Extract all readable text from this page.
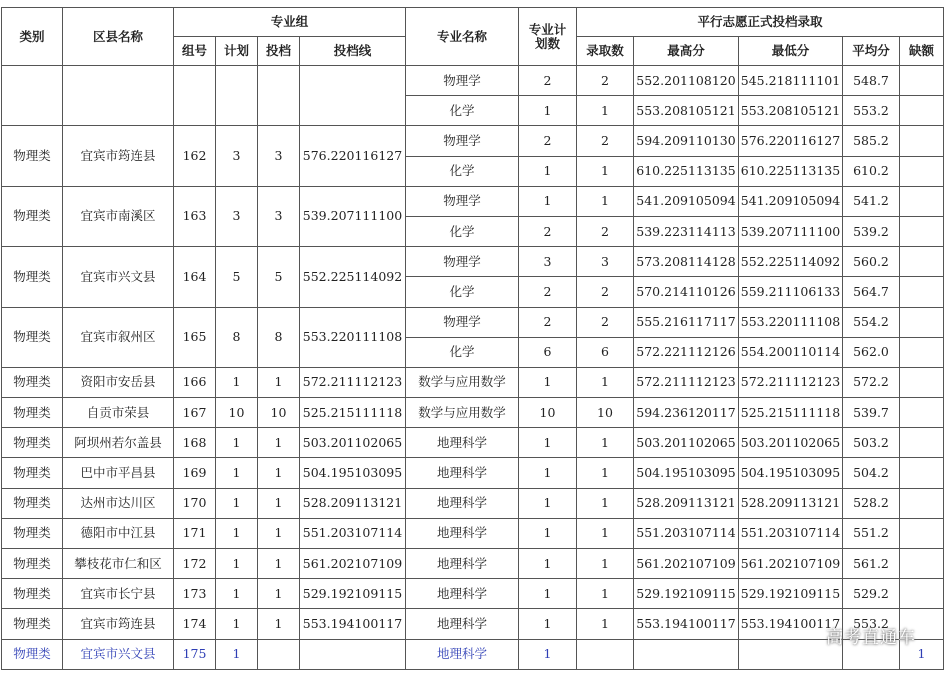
类别	区县名称	专业组				专业名称	专业计划数	平行志愿正式投档录取				
		组号	计划	投档	投档线			录取数	最高分	最低分	平均分	缺额
						物理学	2	2	552.201108120	545.218111101	548.7	
						化学	1	1	553.208105121	553.208105121	553.2	
物理类	宜宾市筠连县	162	3	3	576.220116127	物理学	2	2	594.209110130	576.220116127	585.2	
						化学	1	1	610.225113135	610.225113135	610.2	
物理类	宜宾市南溪区	163	3	3	539.207111100	物理学	1	1	541.209105094	541.209105094	541.2	
						化学	2	2	539.223114113	539.207111100	539.2	
物理类	宜宾市兴文县	164	5	5	552.225114092	物理学	3	3	573.208114128	552.225114092	560.2	
						化学	2	2	570.214110126	559.211106133	564.7	
物理类	宜宾市叙州区	165	8	8	553.220111108	物理学	2	2	555.216117117	553.220111108	554.2	
						化学	6	6	572.221112126	554.200110114	562.0	
物理类	资阳市安岳县	166	1	1	572.211112123	数学与应用数学	1	1	572.211112123	572.211112123	572.2	
物理类	自贡市荣县	167	10	10	525.215111118	数学与应用数学	10	10	594.236120117	525.215111118	539.7	
物理类	阿坝州若尔盖县	168	1	1	503.201102065	地理科学	1	1	503.201102065	503.201102065	503.2	
物理类	巴中市平昌县	169	1	1	504.195103095	地理科学	1	1	504.195103095	504.195103095	504.2	
物理类	达州市达川区	170	1	1	528.209113121	地理科学	1	1	528.209113121	528.209113121	528.2	
物理类	德阳市中江县	171	1	1	551.203107114	地理科学	1	1	551.203107114	551.203107114	551.2	
物理类	攀枝花市仁和区	172	1	1	561.202107109	地理科学	1	1	561.202107109	561.202107109	561.2	
物理类	宜宾市长宁县	173	1	1	529.192109115	地理科学	1	1	529.192109115	529.192109115	529.2	
物理类	宜宾市筠连县	174	1	1	553.194100117	地理科学	1	1	553.194100117	553.194100117	553.2	
物理类	宜宾市兴文县	175	1			地理科学	1					1
高考直通车
